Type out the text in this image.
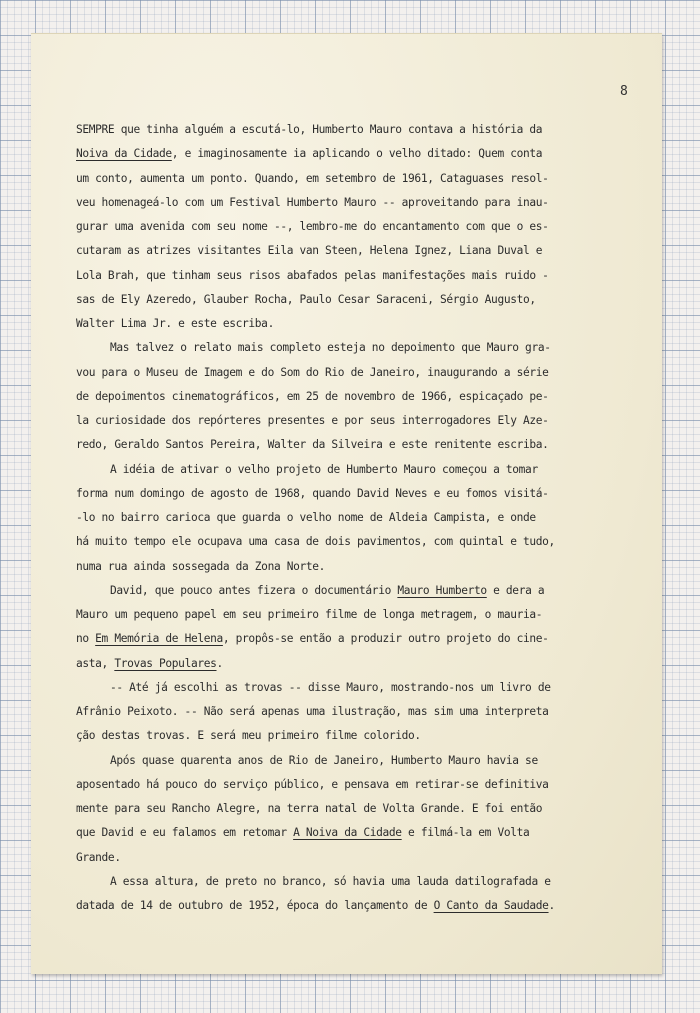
8
SEMPRE que tinha alguém a escutá-lo, Humberto Mauro contava a história da
Noiva da Cidade, e imaginosamente ia aplicando o velho ditado: Quem conta
um conto, aumenta um ponto. Quando, em setembro de 1961, Cataguases resol-
veu homenageá-lo com um Festival Humberto Mauro -- aproveitando para inau-
gurar uma avenida com seu nome --, lembro-me do encantamento com que o es-
cutaram as atrizes visitantes Eila van Steen, Helena Ignez, Liana Duval e
Lola Brah, que tinham seus risos abafados pelas manifestações mais ruido -
sas de Ely Azeredo, Glauber Rocha, Paulo Cesar Saraceni, Sérgio Augusto,
Walter Lima Jr. e este escriba.
Mas talvez o relato mais completo esteja no depoimento que Mauro gra-
vou para o Museu de Imagem e do Som do Rio de Janeiro, inaugurando a série
de depoimentos cinematográficos, em 25 de novembro de 1966, espicaçado pe-
la curiosidade dos repórteres presentes e por seus interrogadores Ely Aze-
redo, Geraldo Santos Pereira, Walter da Silveira e este renitente escriba.
A idéia de ativar o velho projeto de Humberto Mauro começou a tomar
forma num domingo de agosto de 1968, quando David Neves e eu fomos visitá-
-lo no bairro carioca que guarda o velho nome de Aldeia Campista, e onde
há muito tempo ele ocupava uma casa de dois pavimentos, com quintal e tudo,
numa rua ainda sossegada da Zona Norte.
David, que pouco antes fizera o documentário Mauro Humberto e dera a
Mauro um pequeno papel em seu primeiro filme de longa metragem, o mauria-
no Em Memória de Helena, propôs-se então a produzir outro projeto do cine-
asta, Trovas Populares.
-- Até já escolhi as trovas -- disse Mauro, mostrando-nos um livro de
Afrânio Peixoto. -- Não será apenas uma ilustração, mas sim uma interpreta
ção destas trovas. E será meu primeiro filme colorido.
Após quase quarenta anos de Rio de Janeiro, Humberto Mauro havia se
aposentado há pouco do serviço público, e pensava em retirar-se definitiva
mente para seu Rancho Alegre, na terra natal de Volta Grande. E foi então
que David e eu falamos em retomar A Noiva da Cidade e filmá-la em Volta
Grande.
A essa altura, de preto no branco, só havia uma lauda datilografada e
datada de 14 de outubro de 1952, época do lançamento de O Canto da Saudade.
